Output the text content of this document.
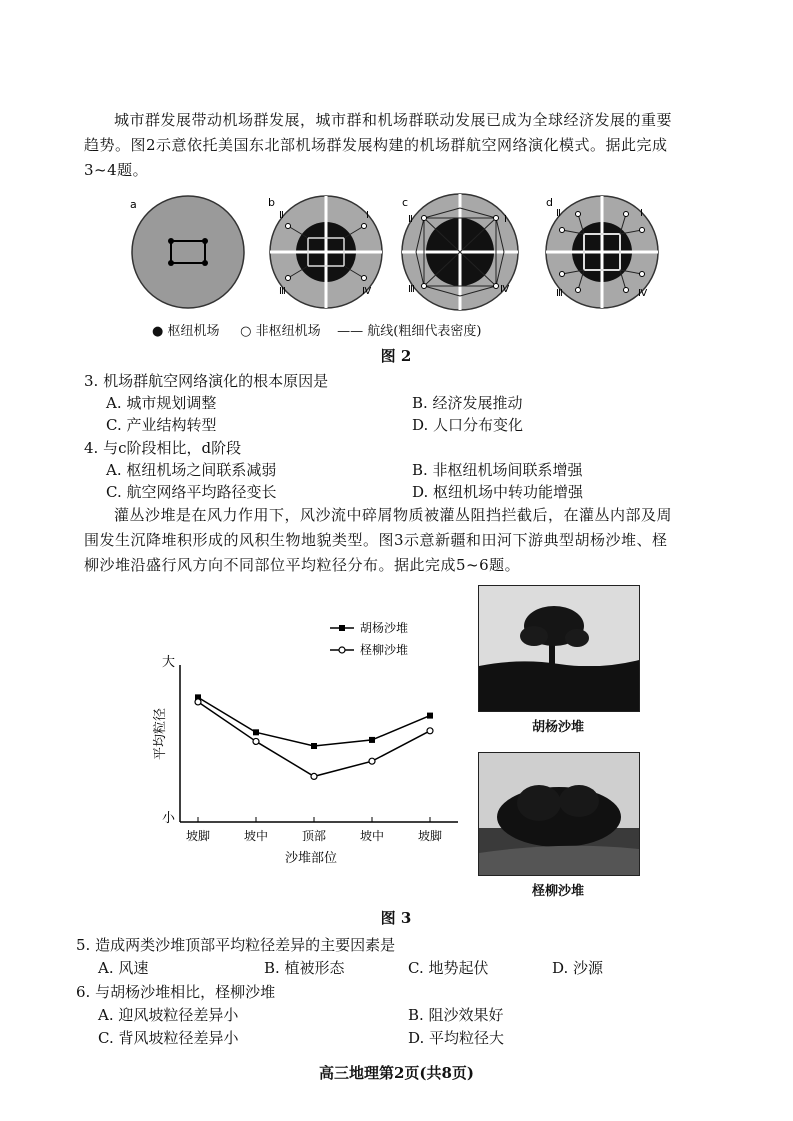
城市群发展带动机场群发展，城市群和机场群联动发展已成为全球经济发展的重要
趋势。图2示意依托美国东北部机场群发展构建的机场群航空网络演化模式。据此完成
3~4题。
a
Ⅱ	Ⅰ
Ⅲ	Ⅳ
b
Ⅱ	Ⅰ
Ⅲ	Ⅳ
c
Ⅱ	Ⅰ
Ⅲ	Ⅳ
d
● 枢纽机场 ○ 非枢纽机场 —— 航线(粗细代表密度)
图 2
3. 机场群航空网络演化的根本原因是
A. 城市规划调整	B. 经济发展推动
C. 产业结构转型	D. 人口分布变化
4. 与c阶段相比，d阶段
A. 枢纽机场之间联系减弱	B. 非枢纽机场间联系增强
C. 航空网络平均路径变长	D. 枢纽机场中转功能增强
灌丛沙堆是在风力作用下，风沙流中碎屑物质被灌丛阻挡拦截后，在灌丛内部及周
围发生沉降堆积形成的风积生物地貌类型。图3示意新疆和田河下游典型胡杨沙堆、柽
柳沙堆沿盛行风方向不同部位平均粒径分布。据此完成5~6题。
大
小
平均粒径
沙堆部位
坡脚	坡中	顶部	坡中	坡脚
胡杨沙堆
柽柳沙堆
胡杨沙堆
柽柳沙堆
图 3
5. 造成两类沙堆顶部平均粒径差异的主要因素是
A. 风速	B. 植被形态	C. 地势起伏	D. 沙源
6. 与胡杨沙堆相比，柽柳沙堆
A. 迎风坡粒径差异小	B. 阻沙效果好
C. 背风坡粒径差异小	D. 平均粒径大
高三地理第2页(共8页)
